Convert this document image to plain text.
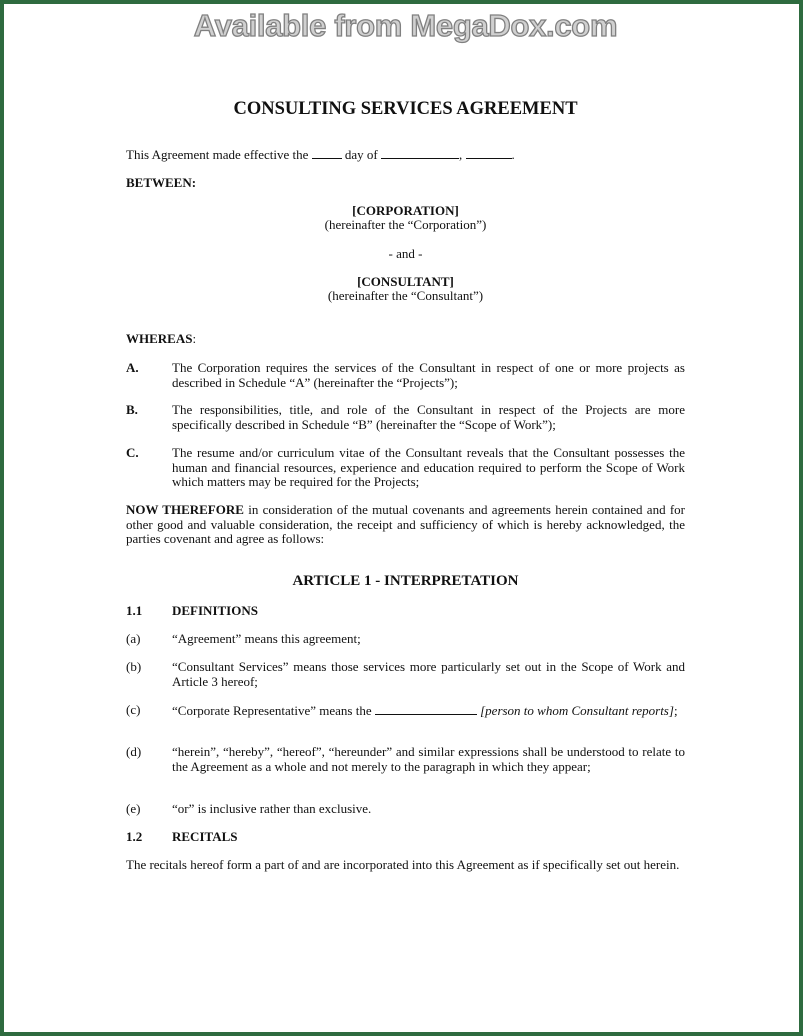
Available from MegaDox.com
CONSULTING SERVICES AGREEMENT
This Agreement made effective the	day of	,	.
BETWEEN:
[CORPORATION]
(hereinafter the “Corporation”)
- and -
[CONSULTANT]
(hereinafter the “Consultant”)
WHEREAS:
A.	The Corporation requires the services of the Consultant in respect of one or more projects as described in Schedule “A” (hereinafter the “Projects”);
B.	The responsibilities, title, and role of the Consultant in respect of the Projects are more specifically described in Schedule “B” (hereinafter the “Scope of Work”);
C.	The resume and/or curriculum vitae of the Consultant reveals that the Consultant possesses the human and financial resources, experience and education required to perform the Scope of Work which matters may be required for the Projects;
NOW THEREFORE in consideration of the mutual covenants and agreements herein contained and for other good and valuable consideration, the receipt and sufficiency of which is hereby acknowledged, the parties covenant and agree as follows:
ARTICLE 1 - INTERPRETATION
1.1 DEFINITIONS
(a) “Agreement” means this agreement;
(b) “Consultant Services” means those services more particularly set out in the Scope of Work and Article 3 hereof;
(c) “Corporate Representative” means the	[person to whom Consultant reports];
(d) “herein”, “hereby”, “hereof”, “hereunder” and similar expressions shall be understood to relate to the Agreement as a whole and not merely to the paragraph in which they appear;
(e) “or” is inclusive rather than exclusive.
1.2 RECITALS
The recitals hereof form a part of and are incorporated into this Agreement as if specifically set out herein.
